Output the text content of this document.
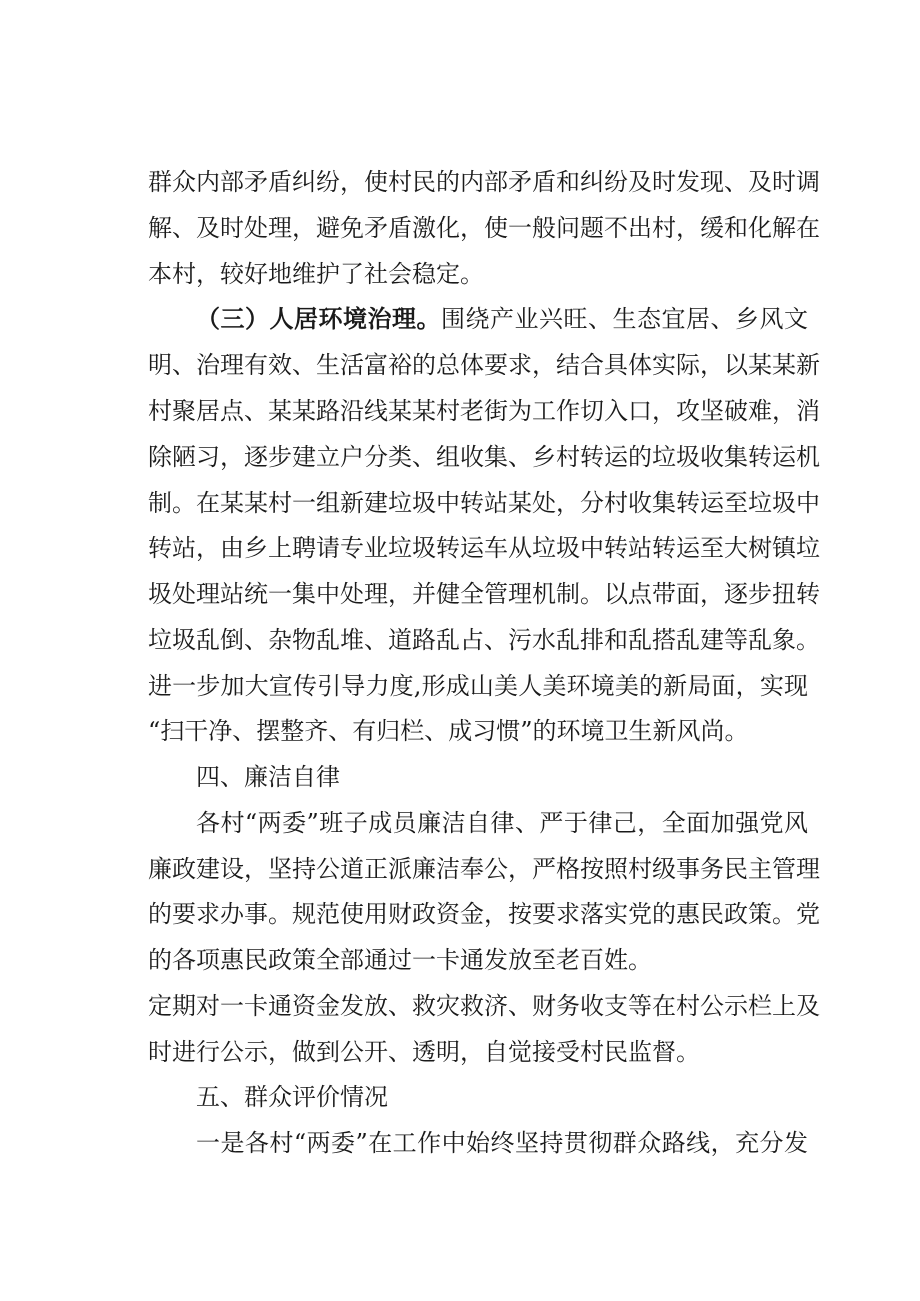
群众内部矛盾纠纷，使村民的内部矛盾和纠纷及时发现、及时调
解、及时处理，避免矛盾激化，使一般问题不出村，缓和化解在
本村，较好地维护了社会稳定。
（三）人居环境治理。围绕产业兴旺、生态宜居、乡风文
明、治理有效、生活富裕的总体要求，结合具体实际，以某某新
村聚居点、某某路沿线某某村老街为工作切入口，攻坚破难，消
除陋习，逐步建立户分类、组收集、乡村转运的垃圾收集转运机
制。在某某村一组新建垃圾中转站某处，分村收集转运至垃圾中
转站，由乡上聘请专业垃圾转运车从垃圾中转站转运至大树镇垃
圾处理站统一集中处理，并健全管理机制。以点带面，逐步扭转
垃圾乱倒、杂物乱堆、道路乱占、污水乱排和乱搭乱建等乱象。
进一步加大宣传引导力度,形成山美人美环境美的新局面，实现
“扫干净、摆整齐、有归栏、成习惯”的环境卫生新风尚。
四、廉洁自律
各村“两委”班子成员廉洁自律、严于律己，全面加强党风
廉政建设，坚持公道正派廉洁奉公，严格按照村级事务民主管理
的要求办事。规范使用财政资金，按要求落实党的惠民政策。党
的各项惠民政策全部通过一卡通发放至老百姓。
定期对一卡通资金发放、救灾救济、财务收支等在村公示栏上及
时进行公示，做到公开、透明，自觉接受村民监督。
五、群众评价情况
一是各村“两委”在工作中始终坚持贯彻群众路线，充分发
